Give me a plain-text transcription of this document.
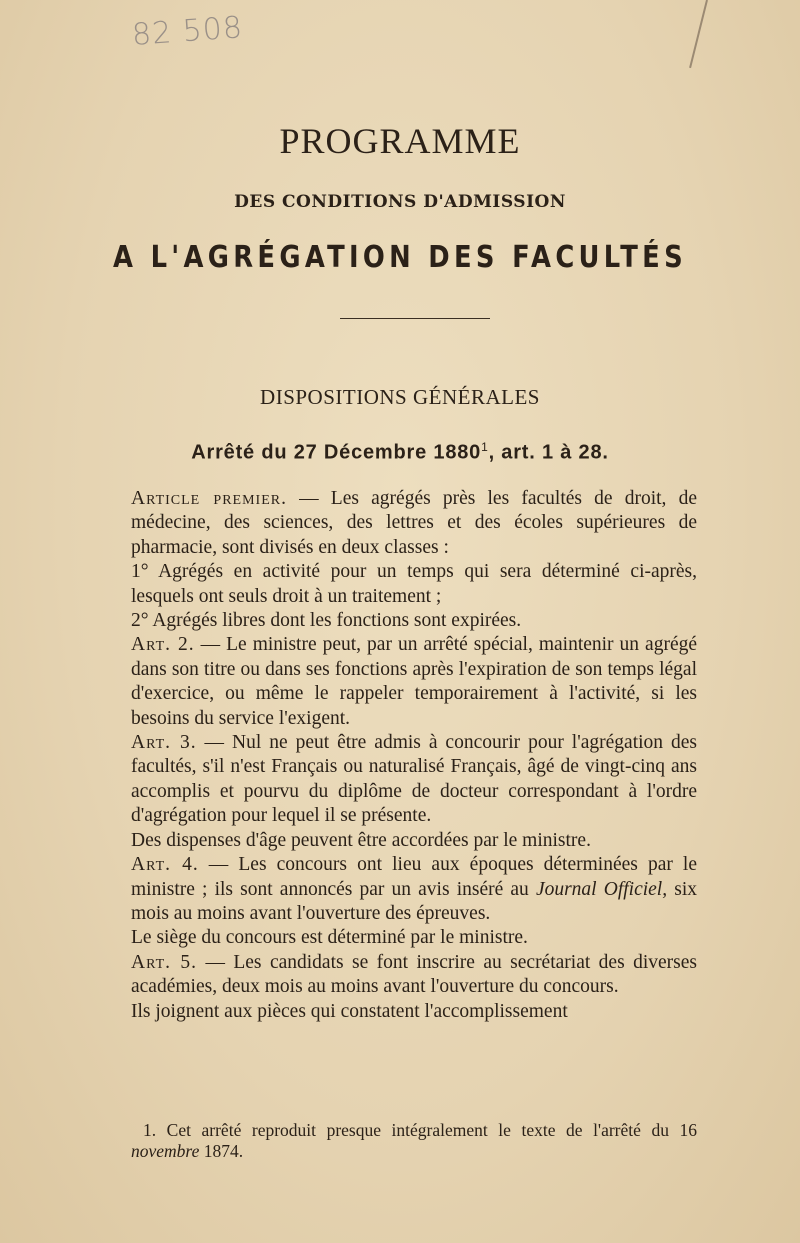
82 508
PROGRAMME
DES CONDITIONS D'ADMISSION
A L'AGRÉGATION DES FACULTÉS
DISPOSITIONS GÉNÉRALES
Arrêté du 27 Décembre 1880$^1$, art. 1 à 28.

Article premier. — Les agrégés près les facultés de droit, de médecine, des sciences, des lettres et des écoles supérieures de pharmacie, sont divisés en deux classes :

1° Agrégés en activité pour un temps qui sera déterminé ci-après, lesquels ont seuls droit à un traitement ;

2° Agrégés libres dont les fonctions sont expirées.

Art. 2. — Le ministre peut, par un arrêté spécial, maintenir un agrégé dans son titre ou dans ses fonctions après l'expiration de son temps légal d'exercice, ou même le rappeler temporairement à l'activité, si les besoins du service l'exigent.

Art. 3. — Nul ne peut être admis à concourir pour l'agrégation des facultés, s'il n'est Français ou naturalisé Français, âgé de vingt-cinq ans accomplis et pourvu du diplôme de docteur correspondant à l'ordre d'agrégation pour lequel il se présente.

Des dispenses d'âge peuvent être accordées par le ministre.

Art. 4. — Les concours ont lieu aux époques déterminées par le ministre ; ils sont annoncés par un avis inséré au Journal Officiel, six mois au moins avant l'ouverture des épreuves.

Le siège du concours est déterminé par le ministre.

Art. 5. — Les candidats se font inscrire au secrétariat des diverses académies, deux mois au moins avant l'ouverture du concours.

Ils joignent aux pièces qui constatent l'accomplissement

1. Cet arrêté reproduit presque intégralement le texte de l'arrêté du 16 novembre 1874.
